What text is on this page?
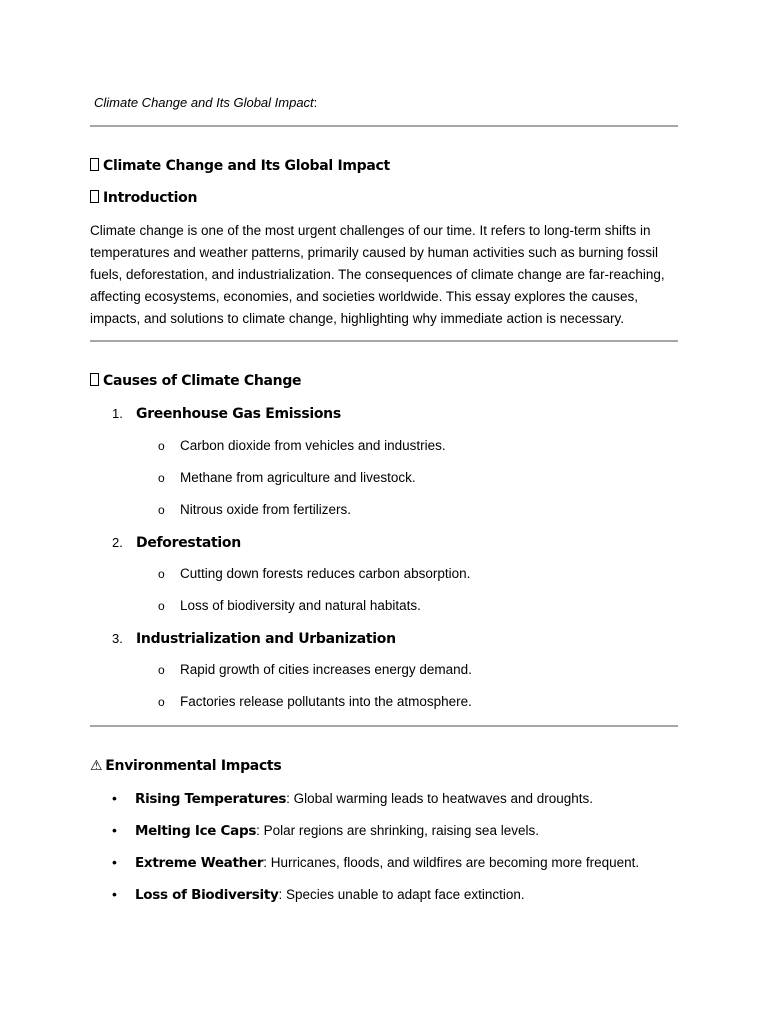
Climate Change and Its Global Impact:
Climate Change and Its Global Impact
Introduction
Climate change is one of the most urgent challenges of our time. It refers to long-term shifts in temperatures and weather patterns, primarily caused by human activities such as burning fossil fuels, deforestation, and industrialization. The consequences of climate change are far-reaching, affecting ecosystems, economies, and societies worldwide. This essay explores the causes, impacts, and solutions to climate change, highlighting why immediate action is necessary.
Causes of Climate Change
1. Greenhouse Gas Emissions
o Carbon dioxide from vehicles and industries.
o Methane from agriculture and livestock.
o Nitrous oxide from fertilizers.
2. Deforestation
o Cutting down forests reduces carbon absorption.
o Loss of biodiversity and natural habitats.
3. Industrialization and Urbanization
o Rapid growth of cities increases energy demand.
o Factories release pollutants into the atmosphere.
⚠ Environmental Impacts
• Rising Temperatures: Global warming leads to heatwaves and droughts.
• Melting Ice Caps: Polar regions are shrinking, raising sea levels.
• Extreme Weather: Hurricanes, floods, and wildfires are becoming more frequent.
• Loss of Biodiversity: Species unable to adapt face extinction.
